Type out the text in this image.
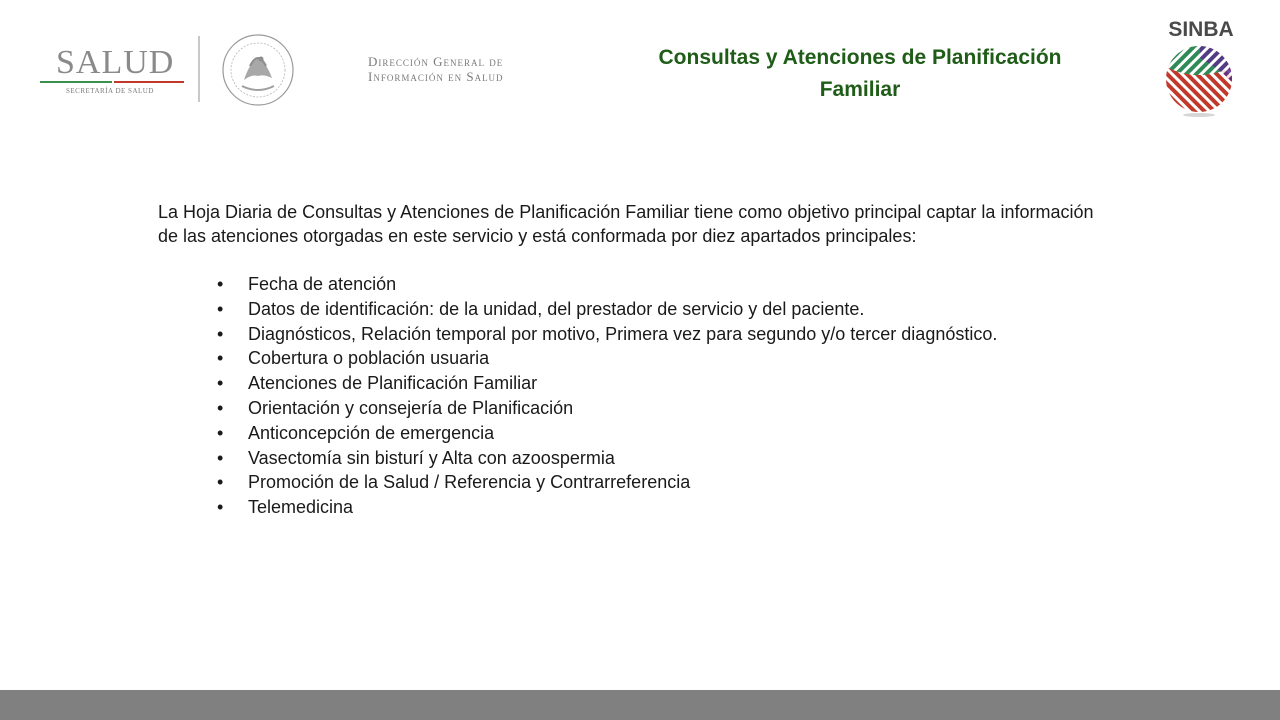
SALUD
SECRETARÍA DE SALUD
Dirección General de
Información en Salud
Consultas y Atenciones de Planificación
Familiar
SINBA

La Hoja Diaria de Consultas y Atenciones de Planificación Familiar tiene como objetivo principal captar la información
de las atenciones otorgadas en este servicio y está conformada por diez apartados principales:

• Fecha de atención
• Datos de identificación: de la unidad, del prestador de servicio y del paciente.
• Diagnósticos, Relación temporal por motivo, Primera vez para segundo y/o tercer diagnóstico.
• Cobertura o población usuaria
• Atenciones de Planificación Familiar
• Orientación y consejería de Planificación
• Anticoncepción de emergencia
• Vasectomía sin bisturí y Alta con azoospermia
• Promoción de la Salud / Referencia y Contrarreferencia
• Telemedicina
